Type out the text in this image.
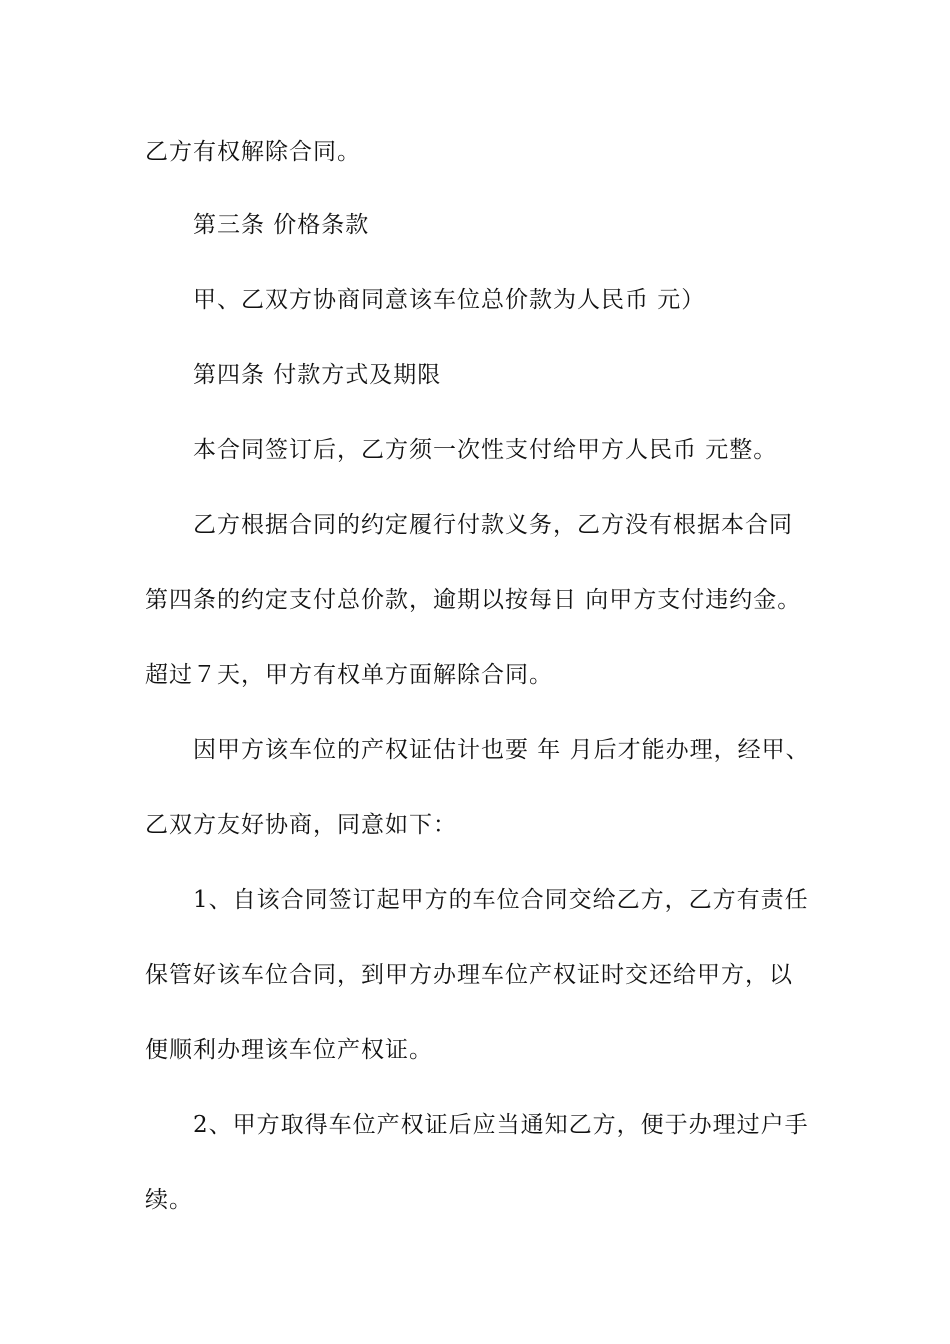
乙方有权解除合同。

第三条 价格条款

甲、乙双方协商同意该车位总价款为人民币 元）

第四条 付款方式及期限

本合同签订后，乙方须一次性支付给甲方人民币 元整。

乙方根据合同的约定履行付款义务，乙方没有根据本合同

第四条的约定支付总价款，逾期以按每日 向甲方支付违约金。

超过７天，甲方有权单方面解除合同。

因甲方该车位的产权证估计也要 年 月后才能办理，经甲、

乙双方友好协商，同意如下：

1、自该合同签订起甲方的车位合同交给乙方，乙方有责任

保管好该车位合同，到甲方办理车位产权证时交还给甲方，以

便顺利办理该车位产权证。

2、甲方取得车位产权证后应当通知乙方，便于办理过户手

续。
